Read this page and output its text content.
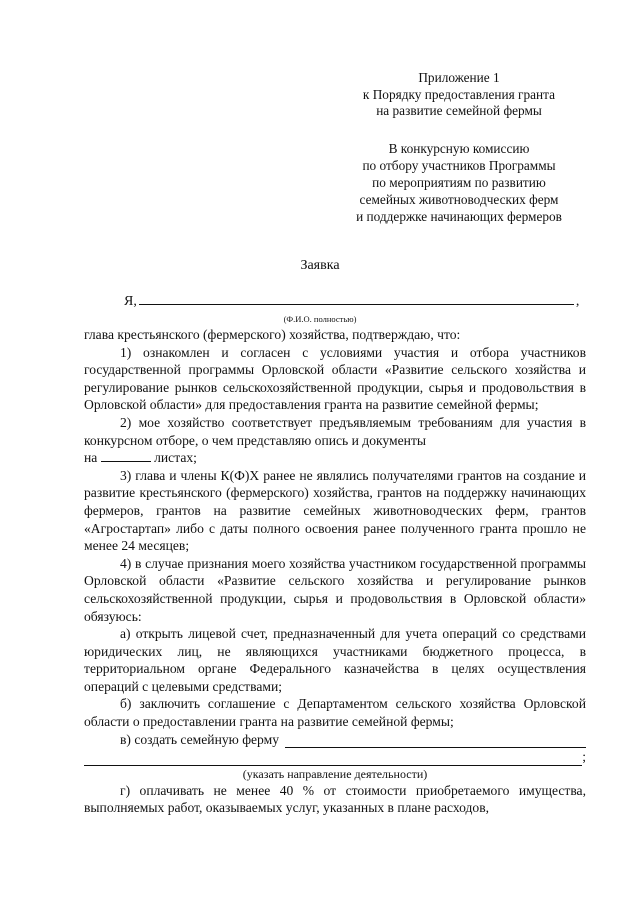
Приложение 1
к Порядку предоставления гранта
на развитие семейной фермы
В конкурсную комиссию
по отбору участников Программы
по мероприятиям по развитию
семейных животноводческих ферм
и поддержке начинающих фермеров
Заявка
Я,	,
(Ф.И.О. полностью)

глава крестьянского (фермерского) хозяйства, подтверждаю, что:

1) ознакомлен и согласен с условиями участия и отбора участников государственной программы Орловской области «Развитие сельского хозяйства и регулирование рынков сельскохозяйственной продукции, сырья и продовольствия в Орловской области» для предоставления гранта на развитие семейной фермы;

2) мое хозяйство соответствует предъявляемым требованиям для участия в конкурсном отборе, о чем представляю опись и документы

на	листах;

3) глава и члены К(Ф)Х ранее не являлись получателями грантов на создание и развитие крестьянского (фермерского) хозяйства, грантов на поддержку начинающих фермеров, грантов на развитие семейных животноводческих ферм, грантов «Агростартап» либо с даты полного освоения ранее полученного гранта прошло не менее 24 месяцев;

4) в случае признания моего хозяйства участником государственной программы Орловской области «Развитие сельского хозяйства и регулирование рынков сельскохозяйственной продукции, сырья и продовольствия в Орловской области» обязуюсь:

а) открыть лицевой счет, предназначенный для учета операций со средствами юридических лиц, не являющихся участниками бюджетного процесса, в территориальном органе Федерального казначейства в целях осуществления операций с целевыми средствами;

б) заключить соглашение с Департаментом сельского хозяйства Орловской области о предоставлении гранта на развитие семейной фермы;

в) создать семейную ферму
;
(указать направление деятельности)

г) оплачивать не менее 40 % от стоимости приобретаемого имущества, выполняемых работ, оказываемых услуг, указанных в плане расходов,
